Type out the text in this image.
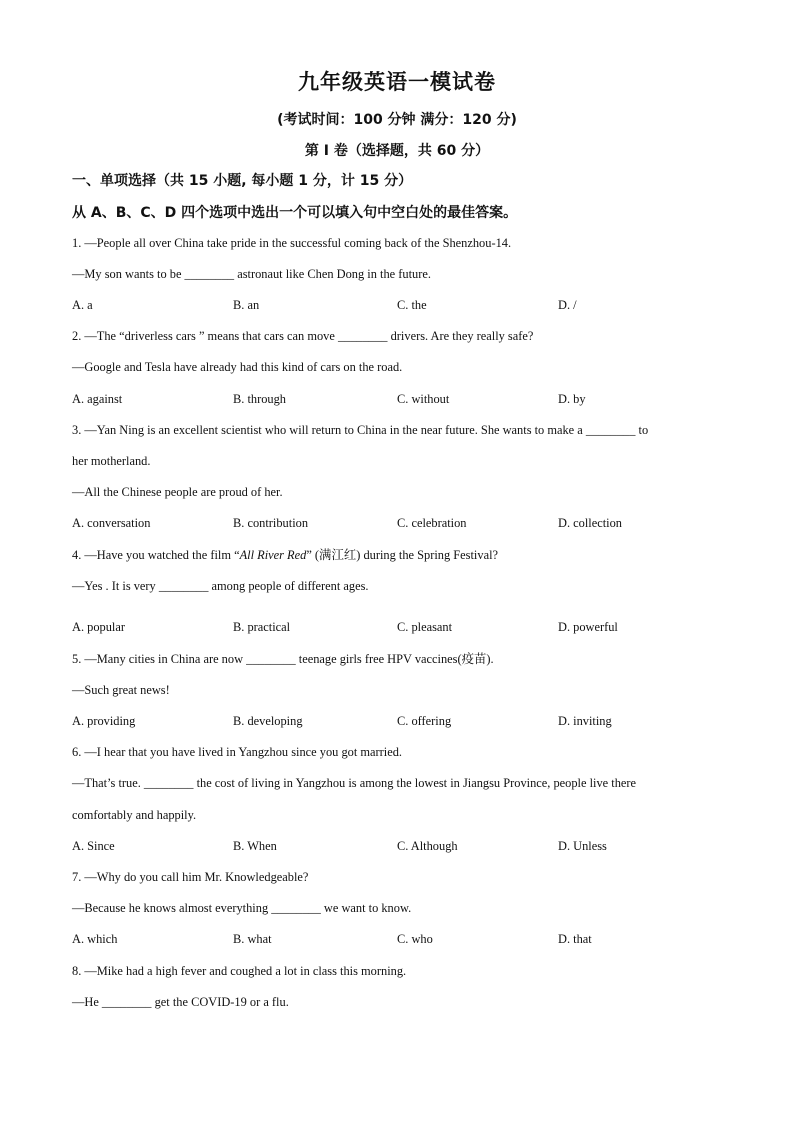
九年级英语一模试卷
(考试时间：100 分钟 满分：120 分)
第 I 卷（选择题，共 60 分）
一、单项选择（共 15 小题, 每小题 1 分，计 15 分）
从 A、B、C、D 四个选项中选出一个可以填入句中空白处的最佳答案。
1. —People all over China take pride in the successful coming back of the Shenzhou-14.
—My son wants to be ________ astronaut like Chen Dong in the future.
A. a	B. an	C. the	D. /
2. —The “driverless cars ” means that cars can move ________ drivers. Are they really safe?
—Google and Tesla have already had this kind of cars on the road.
A. against	B. through	C. without	D. by
3. —Yan Ning is an excellent scientist who will return to China in the near future. She wants to make a ________ to
her motherland.
—All the Chinese people are proud of her.
A. conversation	B. contribution	C. celebration	D. collection
4. —Have you watched the film “All River Red” (满江红) during the Spring Festival?
—Yes . It is very ________ among people of different ages.
A. popular	B. practical	C. pleasant	D. powerful
5. —Many cities in China are now ________ teenage girls free HPV vaccines(疫苗).
—Such great news!
A. providing	B. developing	C. offering	D. inviting
6. —I hear that you have lived in Yangzhou since you got married.
—That’s true. ________ the cost of living in Yangzhou is among the lowest in Jiangsu Province, people live there
comfortably and happily.
A. Since	B. When	C. Although	D. Unless
7. —Why do you call him Mr. Knowledgeable?
—Because he knows almost everything ________ we want to know.
A. which	B. what	C. who	D. that
8. —Mike had a high fever and coughed a lot in class this morning.
—He ________ get the COVID-19 or a flu.
